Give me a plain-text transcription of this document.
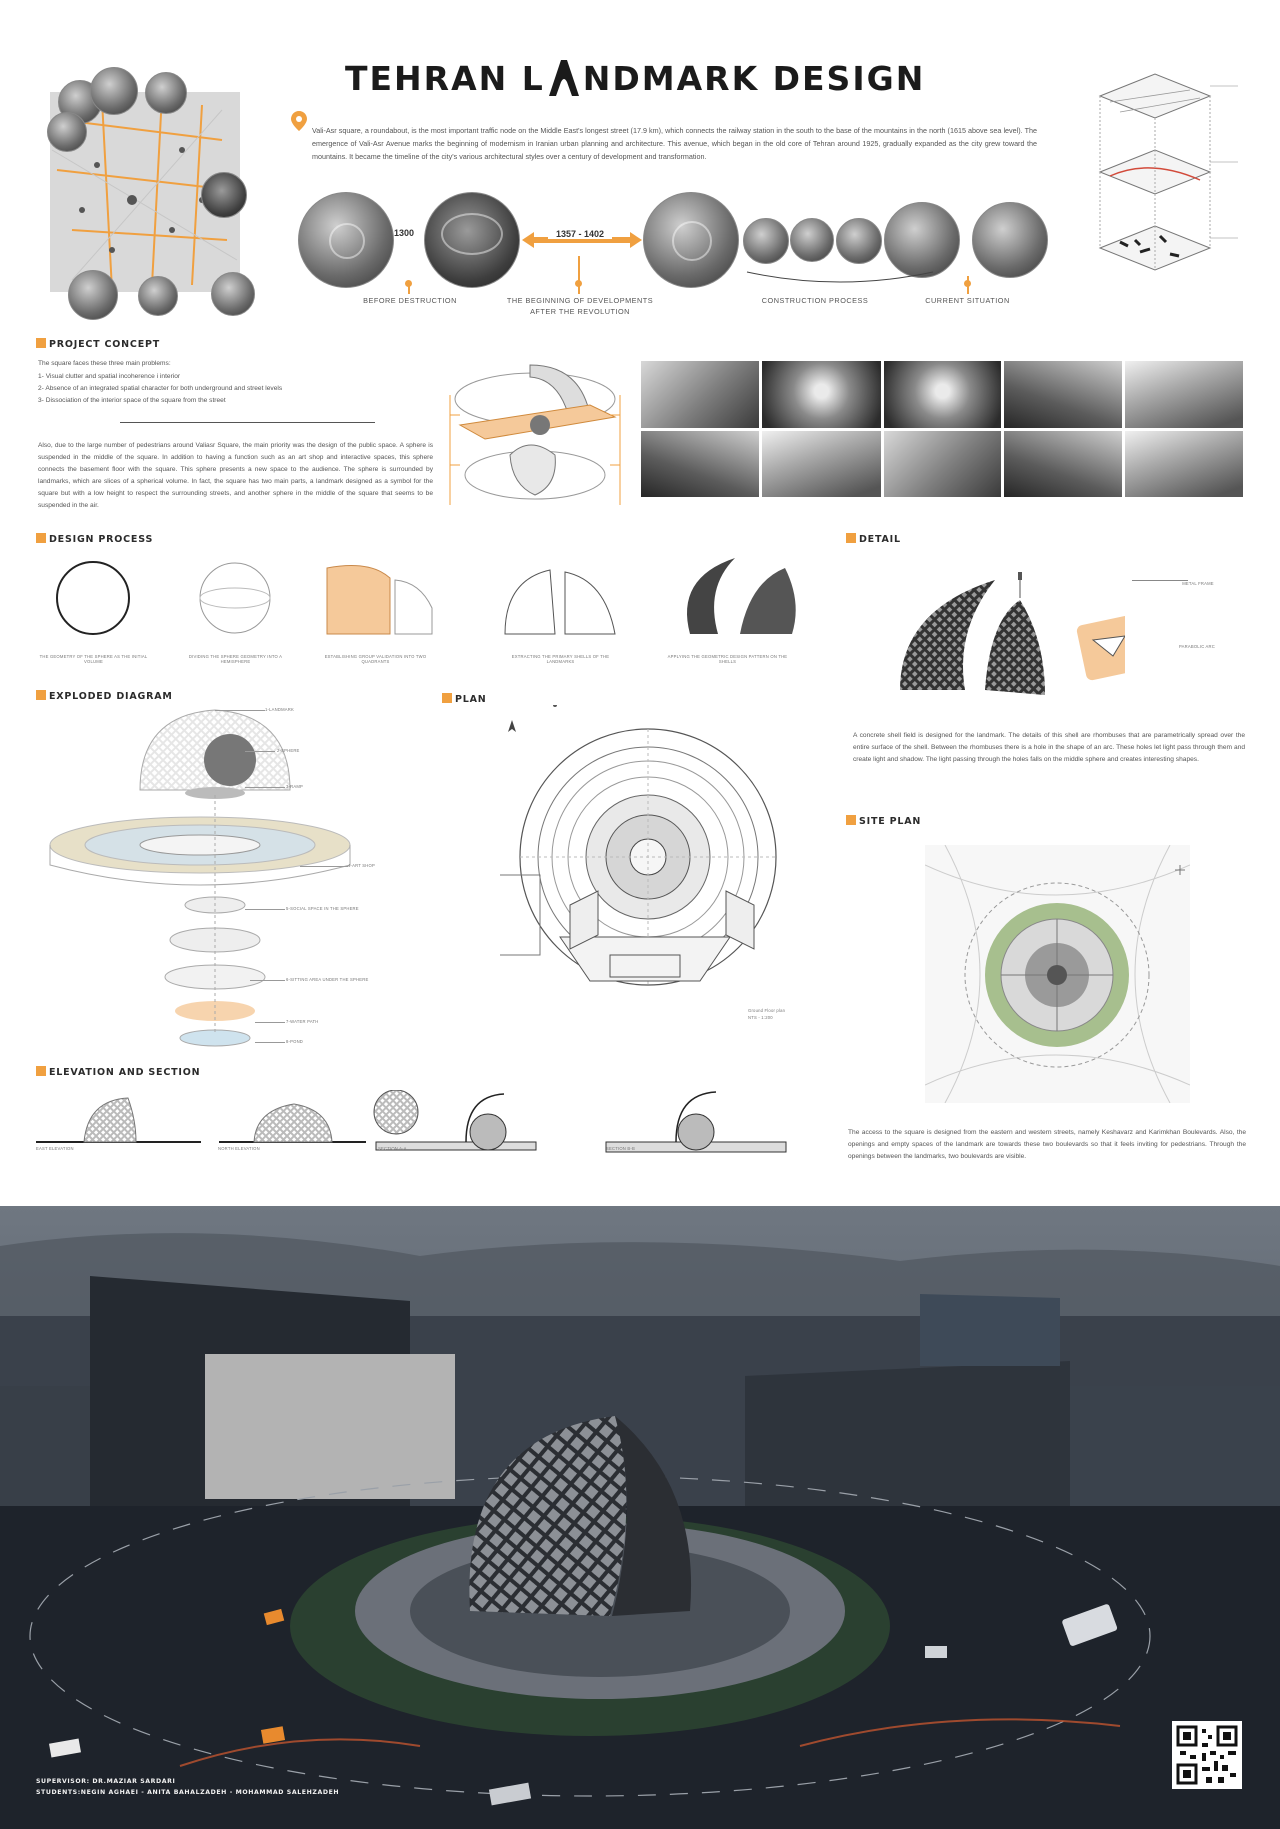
TEHRAN L NDMARK DESIGN
Vali-Asr square, a roundabout, is the most important traffic node on the Middle East's longest street (17.9 km), which connects the railway station in the south to the base of the mountains in the north (1615 above sea level). The emergence of Vali-Asr Avenue marks the beginning of modernism in Iranian urban planning and architecture. This avenue, which began in the old core of Tehran around 1925, gradually expanded as the city grew toward the mountains. It became the timeline of the city's various architectural styles over a century of development and transformation.
1300	1357 - 1402
BEFORE DESTRUCTION	THE BEGINNING OF DEVELOPMENTS
AFTER THE REVOLUTION
CONSTRUCTION PROCESS	CURRENT SITUATION
PROJECT CONCEPT
The square faces these three main problems:
1- Visual clutter and spatial incoherence i interior
2- Absence of an integrated spatial character for both underground and street levels
3- Dissociation of the interior space of the square from the street
Also, due to the large number of pedestrians around Valiasr Square, the main priority was the design of the public space. A sphere is suspended in the middle of the square. In addition to having a function such as an art shop and interactive spaces, this sphere connects the basement floor with the square. This sphere presents a new space to the audience. The sphere is surrounded by landmarks, which are slices of a spherical volume. In fact, the square has two main parts, a landmark designed as a symbol for the square but with a low height to respect the surrounding streets, and another sphere in the middle of the square that seems to be suspended in the air.
DESIGN PROCESS
THE GEOMETRY OF THE SPHERE AS THE INITIAL VOLUME
DIVIDING THE SPHERE GEOMETRY INTO A HEMISPHERE
ESTABLISHING GROUP VALIDATION INTO TWO QUADRANTS
EXTRACTING THE PRIMARY SHELLS OF THE LANDMARKS
APPLYING THE GEOMETRIC DESIGN PATTERN ON THE SHELLS
DETAIL
METAL FRAME
PARABOLIC ARC
A concrete shell field is designed for the landmark. The details of this shell are rhombuses that are parametrically spread over the entire surface of the shell. Between the rhombuses there is a hole in the shape of an arc. These holes let light pass through them and create light and shadow. The light passing through the holes falls on the middle sphere and creates interesting shapes.
EXPLODED DIAGRAM
1-LANDMARK
2-SPHERE
3-RAMP
4-ART SHOP
5-SOCIAL SPACE IN THE SPHERE
6-SITTING AREA UNDER THE SPHERE
7-WATER PATH
8-POND
PLAN
Ground Floor plan
NTS - 1:200
SITE PLAN
The access to the square is designed from the eastern and western streets, namely Keshavarz and Karimkhan Boulevards. Also, the openings and empty spaces of the landmark are towards these two boulevards so that it feels inviting for pedestrians. Through the openings between the landmarks, two boulevards are visible.
ELEVATION AND SECTION
EAST ELEVATION	NORTH ELEVATION	SECTION A-A	SECTION B-B
SUPERVISOR: DR.MAZIAR SARDARI
STUDENTS:NEGIN AGHAEI - ANITA BAHALZADEH - MOHAMMAD SALEHZADEH
